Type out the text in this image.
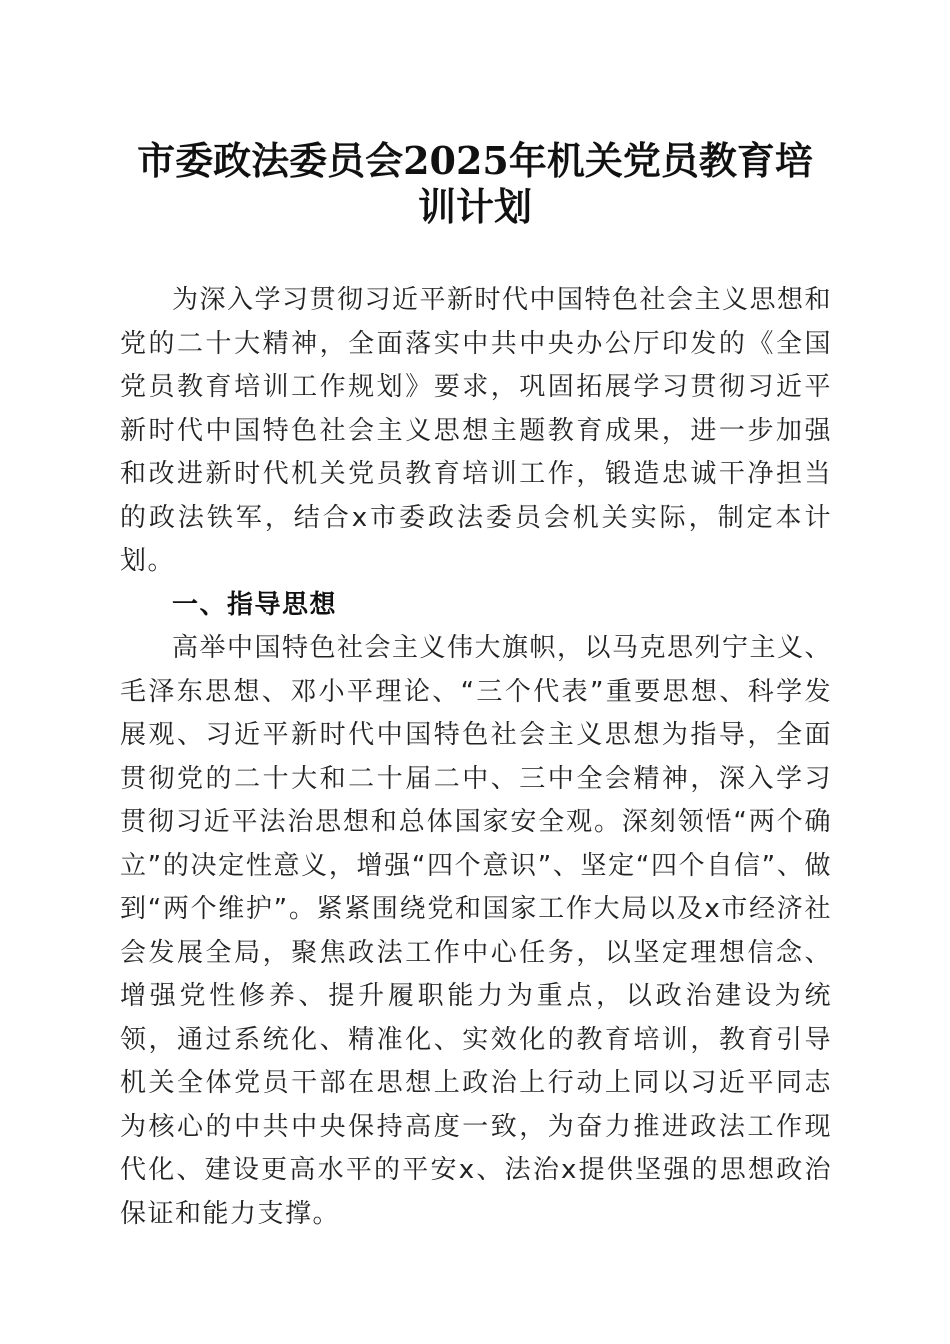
市委政法委员会2025年机关党员教育培训计划

为深入学习贯彻习近平新时代中国特色社会主义思想和党的二十大精神，全面落实中共中央办公厅印发的《全国党员教育培训工作规划》要求，巩固拓展学习贯彻习近平新时代中国特色社会主义思想主题教育成果，进一步加强和改进新时代机关党员教育培训工作，锻造忠诚干净担当的政法铁军，结合x市委政法委员会机关实际，制定本计划。

一、指导思想

高举中国特色社会主义伟大旗帜，以马克思列宁主义、毛泽东思想、邓小平理论、“三个代表”重要思想、科学发展观、习近平新时代中国特色社会主义思想为指导，全面贯彻党的二十大和二十届二中、三中全会精神，深入学习贯彻习近平法治思想和总体国家安全观。深刻领悟“两个确立”的决定性意义，增强“四个意识”、坚定“四个自信”、做到“两个维护”。紧紧围绕党和国家工作大局以及x市经济社会发展全局，聚焦政法工作中心任务，以坚定理想信念、增强党性修养、提升履职能力为重点，以政治建设为统领，通过系统化、精准化、实效化的教育培训，教育引导机关全体党员干部在思想上政治上行动上同以习近平同志为核心的中共中央保持高度一致，为奋力推进政法工作现代化、建设更高水平的平安x、法治x提供坚强的思想政治保证和能力支撑。
